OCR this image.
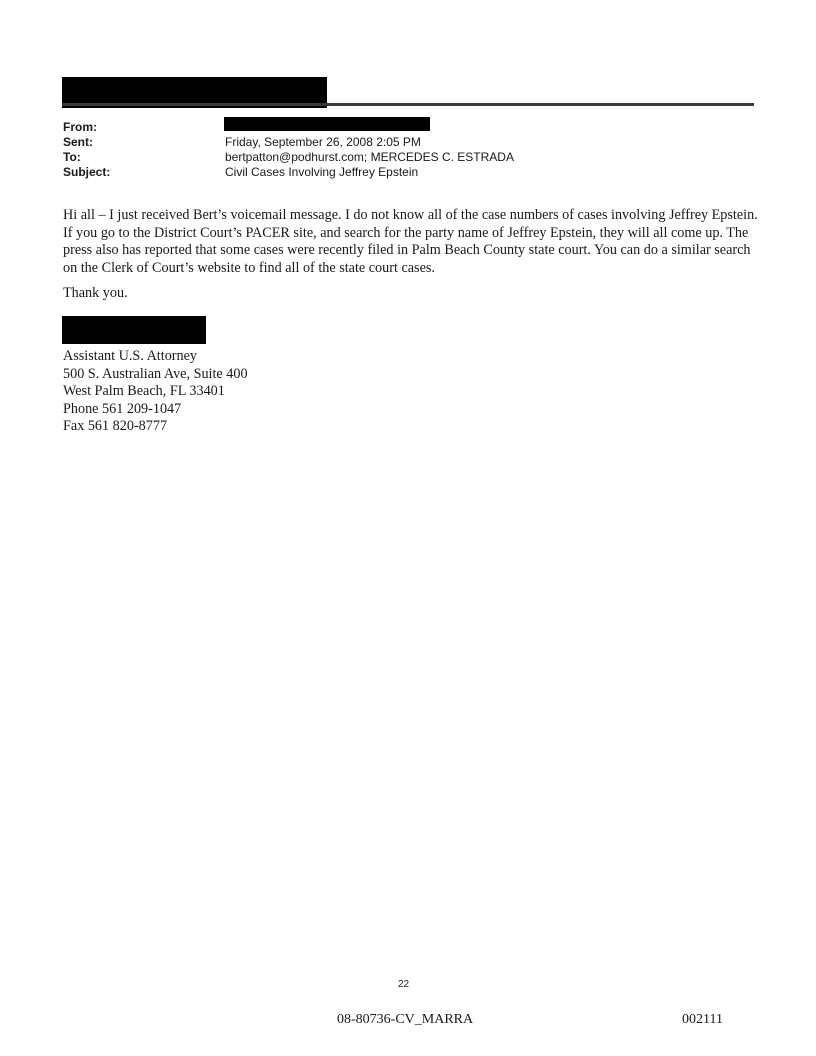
From:
Sent:	Friday, September 26, 2008 2:05 PM
To:	bertpatton@podhurst.com; MERCEDES C. ESTRADA
Subject:	Civil Cases Involving Jeffrey Epstein

Hi all – I just received Bert’s voicemail message. I do not know all of the case numbers of cases involving Jeffrey Epstein. If you go to the District Court’s PACER site, and search for the party name of Jeffrey Epstein, they will all come up. The press also has reported that some cases were recently filed in Palm Beach County state court. You can do a similar search on the Clerk of Court’s website to find all of the state court cases.

Thank you.
Assistant U.S. Attorney
500 S. Australian Ave, Suite 400
West Palm Beach, FL 33401
Phone 561 209-1047
Fax 561 820-8777
22
08-80736-CV_MARRA	002111
